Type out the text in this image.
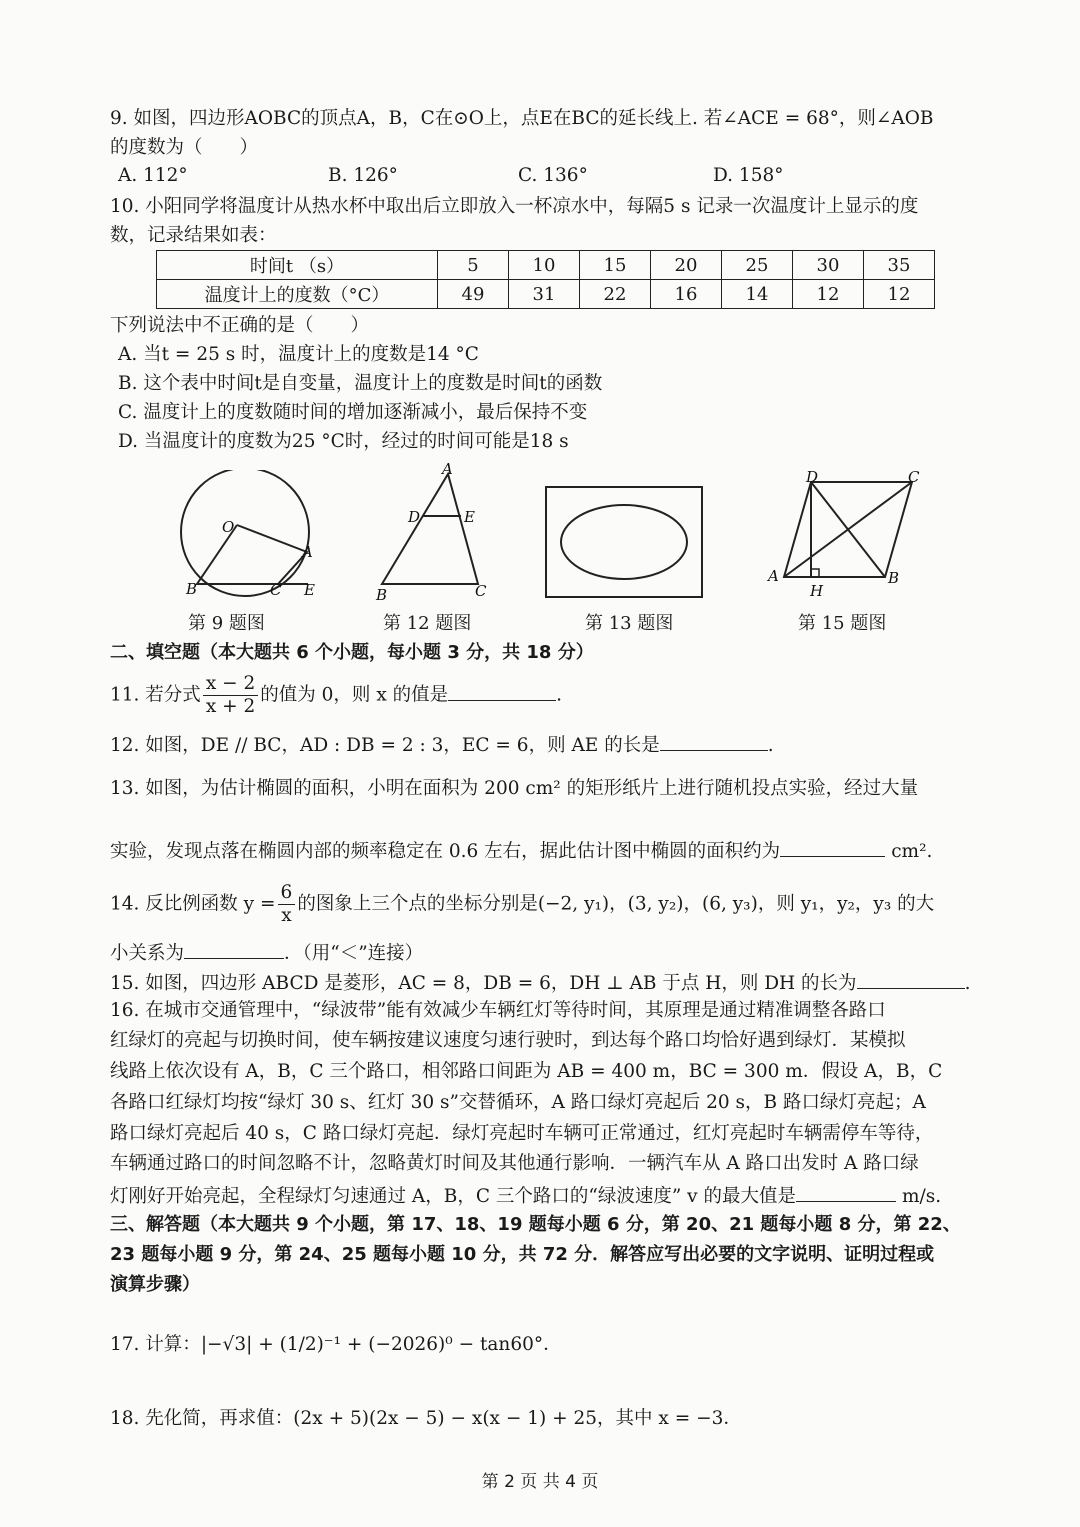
9. 如图，四边形AOBC的顶点A，B，C在⊙O上，点E在BC的延长线上. 若∠ACE = 68°，则∠AOB
的度数为（　　）
A. 112°	B. 126°	C. 136°	D. 158°
10. 小阳同学将温度计从热水杯中取出后立即放入一杯凉水中，每隔5 s 记录一次温度计上显示的度
数，记录结果如表：
时间t （s）	5	10	15	20	25	30	35
温度计上的度数（°C）	49	31	22	16	14	12	12
下列说法中不正确的是（　　）
A. 当t = 25 s 时，温度计上的度数是14 °C
B. 这个表中时间t是自变量，温度计上的度数是时间t的函数
C. 温度计上的度数随时间的增加逐渐减小，最后保持不变
D. 当温度计的度数为25 °C时，经过的时间可能是18 s
O
A
B	C E
A
D	E
B	C
D	C
A
H
B
第 9 题图	第 12 题图	第 13 题图	第 15 题图
二、填空题（本大题共 6 个小题，每小题 3 分，共 18 分）
11. 若分式 $\frac{x - 2}{x + 2}$ 的值为 0，则 x 的值是	.
12. 如图，DE // BC，AD : DB = 2 : 3，EC = 6，则 AE 的长是	.
13. 如图，为估计椭圆的面积，小明在面积为 200 cm² 的矩形纸片上进行随机投点实验，经过大量
实验，发现点落在椭圆内部的频率稳定在 0.6 左右，据此估计图中椭圆的面积约为	cm².
14. 反比例函数 $y = \frac{6}{x}$ 的图象上三个点的坐标分别是(−2, y₁)，(3, y₂)，(6, y₃)，则 y₁，y₂，y₃ 的大
小关系为	．（用“＜”连接）
15. 如图，四边形 ABCD 是菱形，AC = 8，DB = 6，DH ⊥ AB 于点 H，则 DH 的长为	.
16. 在城市交通管理中，“绿波带”能有效减少车辆红灯等待时间，其原理是通过精准调整各路口
红绿灯的亮起与切换时间，使车辆按建议速度匀速行驶时，到达每个路口均恰好遇到绿灯．某模拟
线路上依次设有 A，B，C 三个路口，相邻路口间距为 AB = 400 m，BC = 300 m．假设 A，B，C
各路口红绿灯均按“绿灯 30 s、红灯 30 s”交替循环，A 路口绿灯亮起后 20 s，B 路口绿灯亮起；A
路口绿灯亮起后 40 s，C 路口绿灯亮起．绿灯亮起时车辆可正常通过，红灯亮起时车辆需停车等待，
车辆通过路口的时间忽略不计，忽略黄灯时间及其他通行影响．一辆汽车从 A 路口出发时 A 路口绿
灯刚好开始亮起，全程绿灯匀速通过 A，B，C 三个路口的“绿波速度” v 的最大值是	m/s.
三、解答题（本大题共 9 个小题，第 17、18、19 题每小题 6 分，第 20、21 题每小题 8 分，第 22、
23 题每小题 9 分，第 24、25 题每小题 10 分，共 72 分．解答应写出必要的文字说明、证明过程或
演算步骤）
17. 计算：|−√3| + (1/2)⁻¹ + (−2026)⁰ − tan60°．
18. 先化简，再求值：(2x + 5)(2x − 5) − x(x − 1) + 25，其中 x = −3．
第 2 页 共 4 页
